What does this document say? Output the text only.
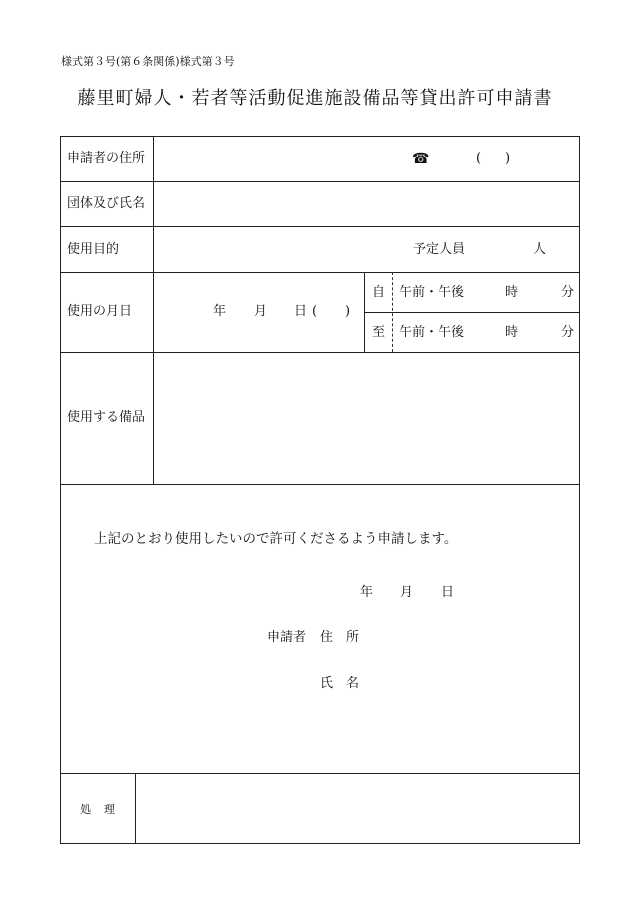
様式第３号(第６条関係)様式第３号
藤里町婦人・若者等活動促進施設備品等貸出許可申請書
申請者の住所	☎	( )
団体及び氏名
使用目的	予定人員	人
使用の月日	年 月 日 ( )
自 午前・午後	時	分
至 午前・午後	時	分
使用する備品
上記のとおり使用したいので許可くださるよう申請します。
年 月 日
申請者 住 所
氏 名
処 理
